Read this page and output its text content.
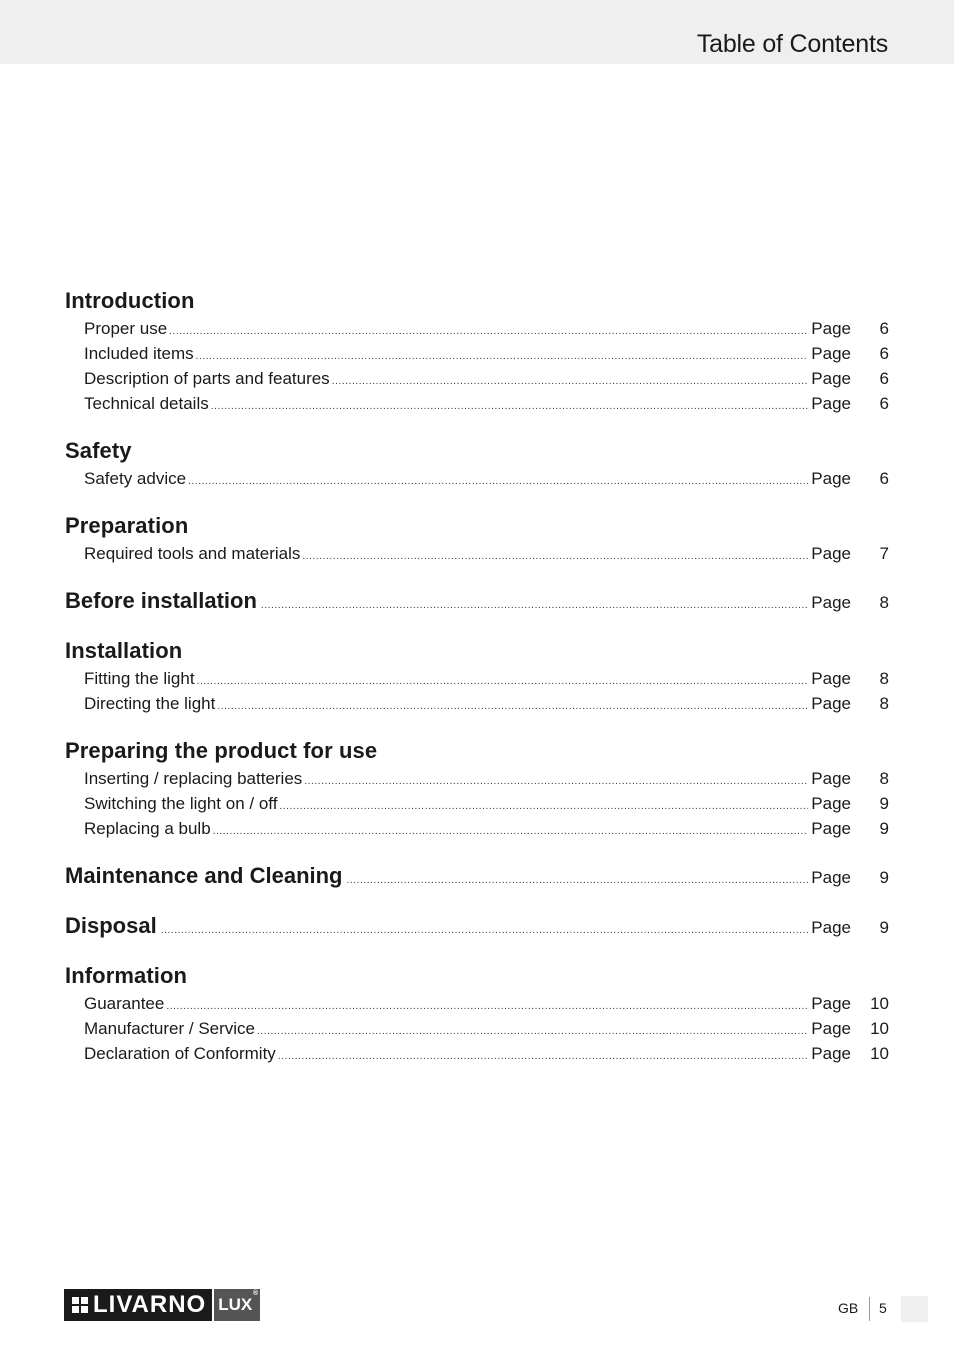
Table of Contents
Introduction
Proper use .....	Page	6
Included items .....	Page	6
Description of parts and features .....	Page	6
Technical details .....	Page	6
Safety
Safety advice .....	Page	6
Preparation
Required tools and materials .....	Page	7
Before installation .....	Page	8
Installation
Fitting the light .....	Page	8
Directing the light .....	Page	8
Preparing the product for use
Inserting / replacing batteries .....	Page	8
Switching the light on / off .....	Page	9
Replacing a bulb .....	Page	9
Maintenance and Cleaning .....	Page	9
Disposal .....	Page	9
Information
Guarantee .....	Page	10
Manufacturer / Service .....	Page	10
Declaration of Conformity .....	Page	10
LIVARNO LUX
®
GB 5
